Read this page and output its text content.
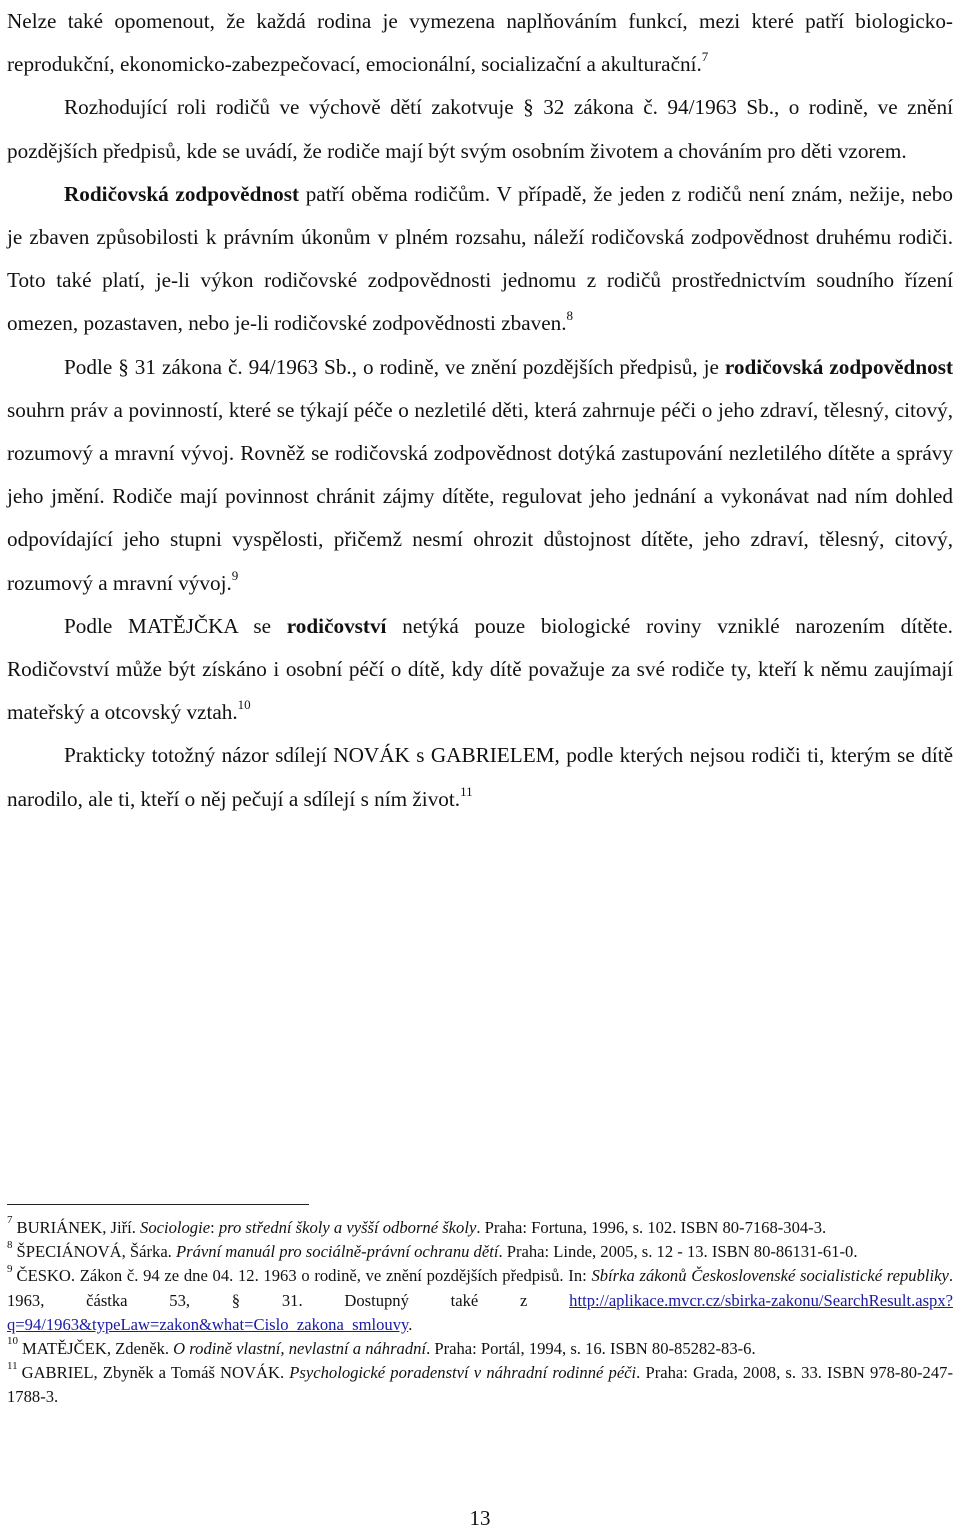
Nelze také opomenout, že každá rodina je vymezena naplňováním funkcí, mezi které patří biologicko-reprodukční, ekonomicko-zabezpečovací, emocionální, socializační a akulturační.$^7$

Rozhodující roli rodičů ve výchově dětí zakotvuje § 32 zákona č. 94/1963 Sb., o rodině, ve znění pozdějších předpisů, kde se uvádí, že rodiče mají být svým osobním životem a chováním pro děti vzorem.

Rodičovská zodpovědnost patří oběma rodičům. V případě, že jeden z rodičů není znám, nežije, nebo je zbaven způsobilosti k právním úkonům v plném rozsahu, náleží rodičovská zodpovědnost druhému rodiči. Toto také platí, je-li výkon rodičovské zodpovědnosti jednomu z rodičů prostřednictvím soudního řízení omezen, pozastaven, nebo je-li rodičovské zodpovědnosti zbaven.$^8$

Podle § 31 zákona č. 94/1963 Sb., o rodině, ve znění pozdějších předpisů, je rodičovská zodpovědnost souhrn práv a povinností, které se týkají péče o nezletilé děti, která zahrnuje péči o jeho zdraví, tělesný, citový, rozumový a mravní vývoj. Rovněž se rodičovská zodpovědnost dotýká zastupování nezletilého dítěte a správy jeho jmění. Rodiče mají povinnost chránit zájmy dítěte, regulovat jeho jednání a vykonávat nad ním dohled odpovídající jeho stupni vyspělosti, přičemž nesmí ohrozit důstojnost dítěte, jeho zdraví, tělesný, citový, rozumový a mravní vývoj.$^9$

Podle MATĚJČKA se rodičovství netýká pouze biologické roviny vzniklé narozením dítěte. Rodičovství může být získáno i osobní péčí o dítě, kdy dítě považuje za své rodiče ty, kteří k němu zaujímají mateřský a otcovský vztah.$^{10}$

Prakticky totožný názor sdílejí NOVÁK s GABRIELEM, podle kterých nejsou rodiči ti, kterým se dítě narodilo, ale ti, kteří o něj pečují a sdílejí s ním život.$^{11}$

$^7$ BURIÁNEK, Jiří. Sociologie: pro střední školy a vyšší odborné školy. Praha: Fortuna, 1996, s. 102. ISBN 80-7168-304-3.

$^8$ ŠPECIÁNOVÁ, Šárka. Právní manuál pro sociálně-právní ochranu dětí. Praha: Linde, 2005, s. 12 - 13. ISBN 80-86131-61-0.

$^9$ ČESKO. Zákon č. 94 ze dne 04. 12. 1963 o rodině, ve znění pozdějších předpisů. In: Sbírka zákonů Československé socialistické republiky. 1963, částka 53, § 31. Dostupný také z http://aplikace.mvcr.cz/sbirka-zakonu/SearchResult.aspx?q=94/1963&typeLaw=zakon&what=Cislo_zakona_smlouvy.

$^{10}$ MATĚJČEK, Zdeněk. O rodině vlastní, nevlastní a náhradní. Praha: Portál, 1994, s. 16. ISBN 80-85282-83-6.

$^{11}$ GABRIEL, Zbyněk a Tomáš NOVÁK. Psychologické poradenství v náhradní rodinné péči. Praha: Grada, 2008, s. 33. ISBN 978-80-247-1788-3.

13
